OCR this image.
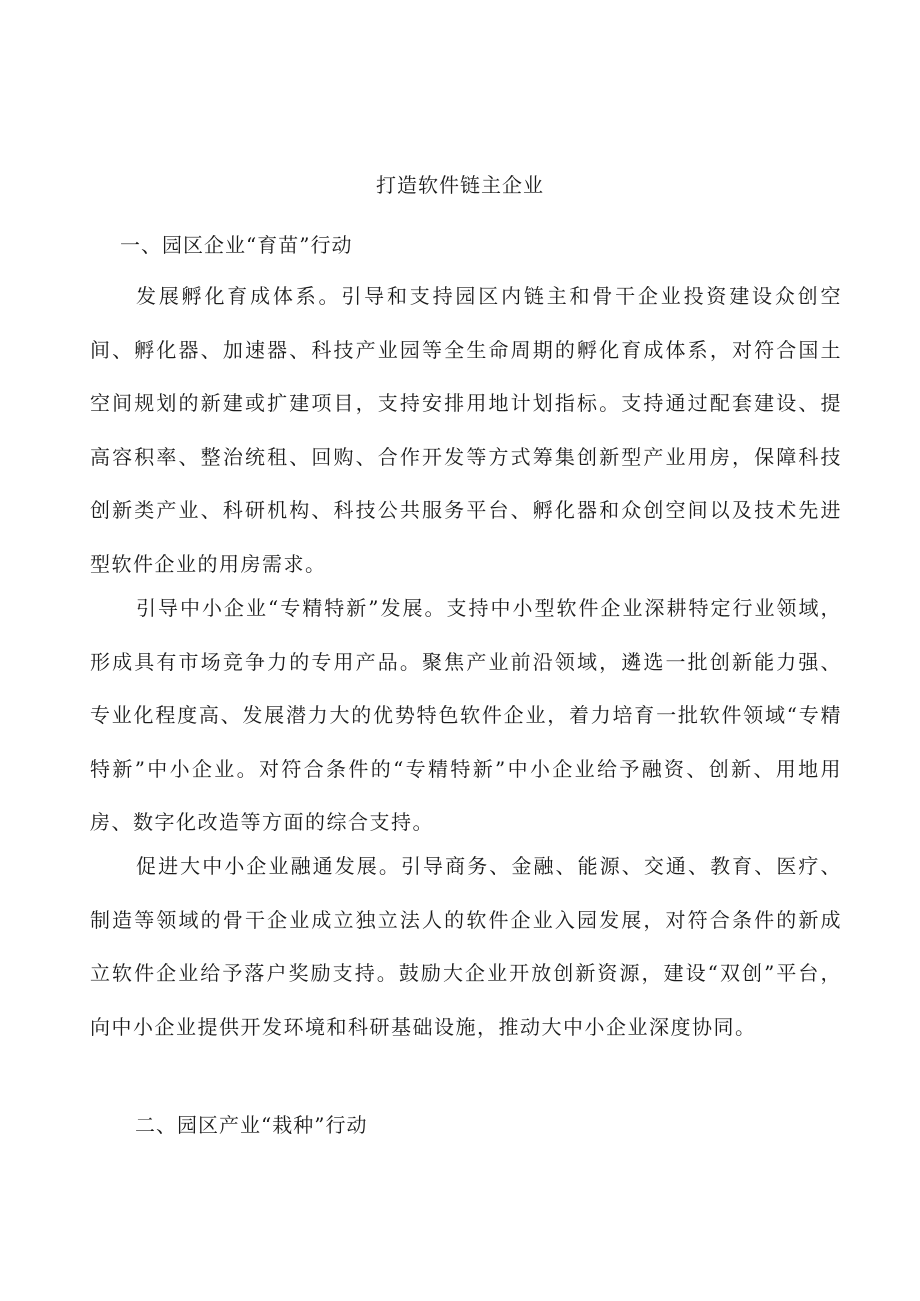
打造软件链主企业
一、园区企业“育苗”行动
发展孵化育成体系。引导和支持园区内链主和骨干企业投资建设众创空间、孵化器、加速器、科技产业园等全生命周期的孵化育成体系，对符合国土空间规划的新建或扩建项目，支持安排用地计划指标。支持通过配套建设、提高容积率、整治统租、回购、合作开发等方式筹集创新型产业用房，保障科技创新类产业、科研机构、科技公共服务平台、孵化器和众创空间以及技术先进型软件企业的用房需求。
引导中小企业“专精特新”发展。支持中小型软件企业深耕特定行业领域，形成具有市场竞争力的专用产品。聚焦产业前沿领域，遴选一批创新能力强、专业化程度高、发展潜力大的优势特色软件企业，着力培育一批软件领域“专精特新”中小企业。对符合条件的“专精特新”中小企业给予融资、创新、用地用房、数字化改造等方面的综合支持。
促进大中小企业融通发展。引导商务、金融、能源、交通、教育、医疗、制造等领域的骨干企业成立独立法人的软件企业入园发展，对符合条件的新成立软件企业给予落户奖励支持。鼓励大企业开放创新资源，建设“双创”平台，向中小企业提供开发环境和科研基础设施，推动大中小企业深度协同。
二、园区产业“栽种”行动
